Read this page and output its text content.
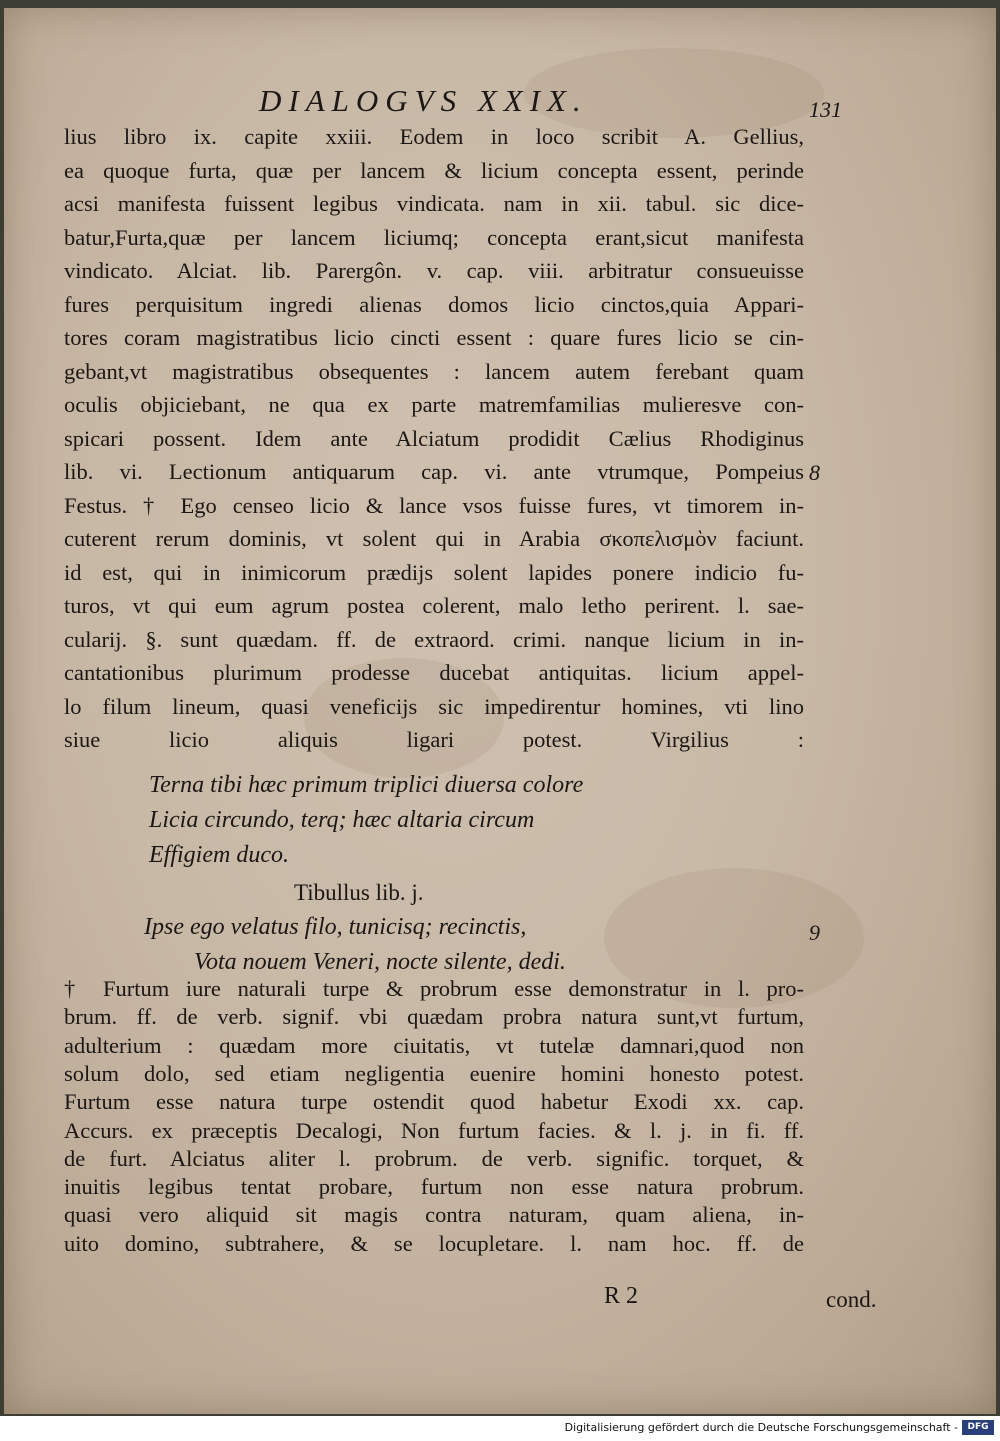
DIALOGVS XXIX.	131
lius libro ix. capite xxiii. Eodem in loco scribit A. Gellius,
ea quoque furta, quæ per lancem & licium concepta essent, perinde
acsi manifesta fuissent legibus vindicata. nam in xii. tabul. sic dice-
batur,Furta,quæ per lancem liciumq; concepta erant,sicut manifesta
vindicato. Alciat. lib. Parergôn. v. cap. viii. arbitratur consueuisse
fures perquisitum ingredi alienas domos licio cinctos,quia Appari-
tores coram magistratibus licio cincti essent : quare fures licio se cin-
gebant,vt magistratibus obsequentes : lancem autem ferebant quam
oculis objiciebant, ne qua ex parte matremfamilias mulieresve con-
spicari possent. Idem ante Alciatum prodidit Cælius Rhodiginus
lib. vi. Lectionum antiquarum cap. vi. ante vtrumque, Pompeius
Festus. † Ego censeo licio & lance vsos fuisse fures, vt timorem in-
cuterent rerum dominis, vt solent qui in Arabia σκοπελισμὸν faciunt.
id est, qui in inimicorum prædijs solent lapides ponere indicio fu-
turos, vt qui eum agrum postea colerent, malo letho perirent. l. sae-
cularij. §. sunt quædam. ff. de extraord. crimi. nanque licium in in-
cantationibus plurimum prodesse ducebat antiquitas. licium appel-
lo filum lineum, quasi veneficijs sic impedirentur homines, vti lino
siue licio aliquis ligari potest. Virgilius :
Terna tibi hæc primum triplici diuersa colore
Licia circundo, terq; hæc altaria circum
Effigiem duco.
Tibullus lib. j.
Ipse ego velatus filo, tunicisq; recinctis,
Vota nouem Veneri, nocte silente, dedi.
† Furtum iure naturali turpe & probrum esse demonstratur in l. pro-
brum. ff. de verb. signif. vbi quædam probra natura sunt,vt furtum,
adulterium : quædam more ciuitatis, vt tutelæ damnari,quod non
solum dolo, sed etiam negligentia euenire homini honesto potest.
Furtum esse natura turpe ostendit quod habetur Exodi xx. cap.
Accurs. ex præceptis Decalogi, Non furtum facies. & l. j. in fi. ff.
de furt. Alciatus aliter l. probrum. de verb. signific. torquet, &
inuitis legibus tentat probare, furtum non esse natura probrum.
quasi vero aliquid sit magis contra naturam, quam aliena, in-
uito domino, subtrahere, & se locupletare. l. nam hoc. ff. de
R 2	cond.
8
9
Digitalisierung gefördert durch die Deutsche Forschungsgemeinschaft -	DFG
